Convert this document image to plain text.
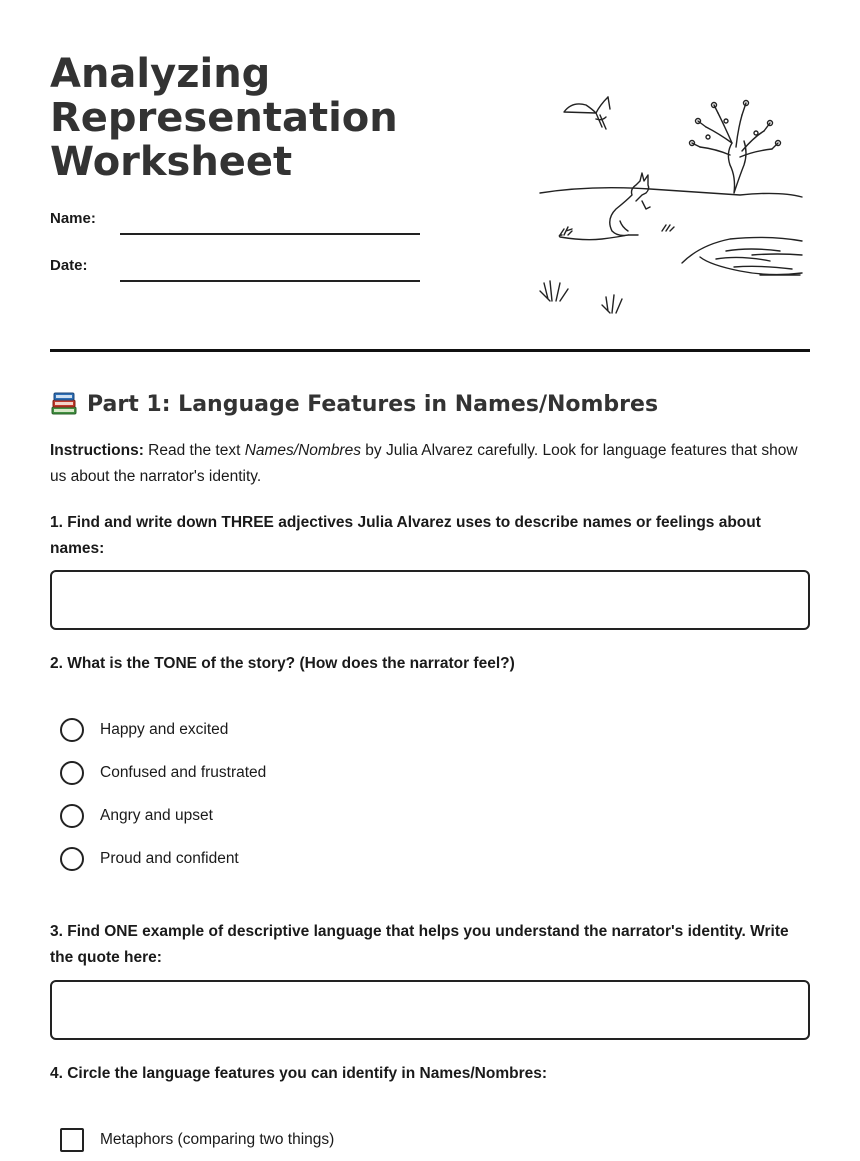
Analyzing Representation Worksheet
Name:
Date:
Part 1: Language Features in Names/Nombres

Instructions: Read the text Names/Nombres by Julia Alvarez carefully. Look for language features that show us about the narrator's identity.

1. Find and write down THREE adjectives Julia Alvarez uses to describe names or feelings about names:

2. What is the TONE of the story? (How does the narrator feel?)

Happy and excited
Confused and frustrated
Angry and upset
Proud and confident

3. Find ONE example of descriptive language that helps you understand the narrator's identity. Write the quote here:

4. Circle the language features you can identify in Names/Nombres:

Metaphors (comparing two things)
